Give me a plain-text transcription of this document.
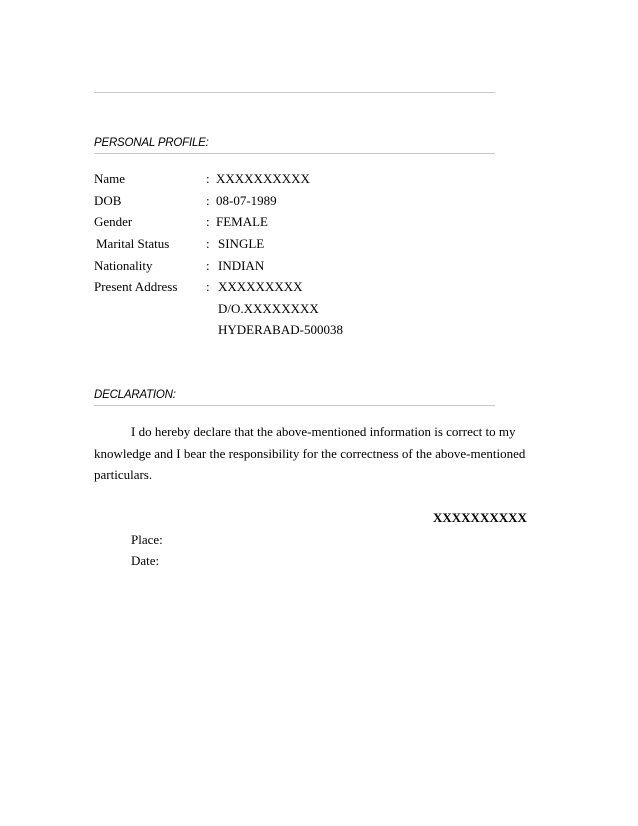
PERSONAL PROFILE:
Name	: XXXXXXXXXX
DOB	: 08-07-1989
Gender	: FEMALE
Marital Status	: SINGLE
Nationality	: INDIAN
Present Address : XXXXXXXXX
D/O.XXXXXXXX
HYDERABAD-500038
DECLARATION:
I do hereby declare that the above-mentioned information is correct to my
knowledge and I bear the responsibility for the correctness of the above-mentioned
particulars.
XXXXXXXXXX
Place:
Date:
